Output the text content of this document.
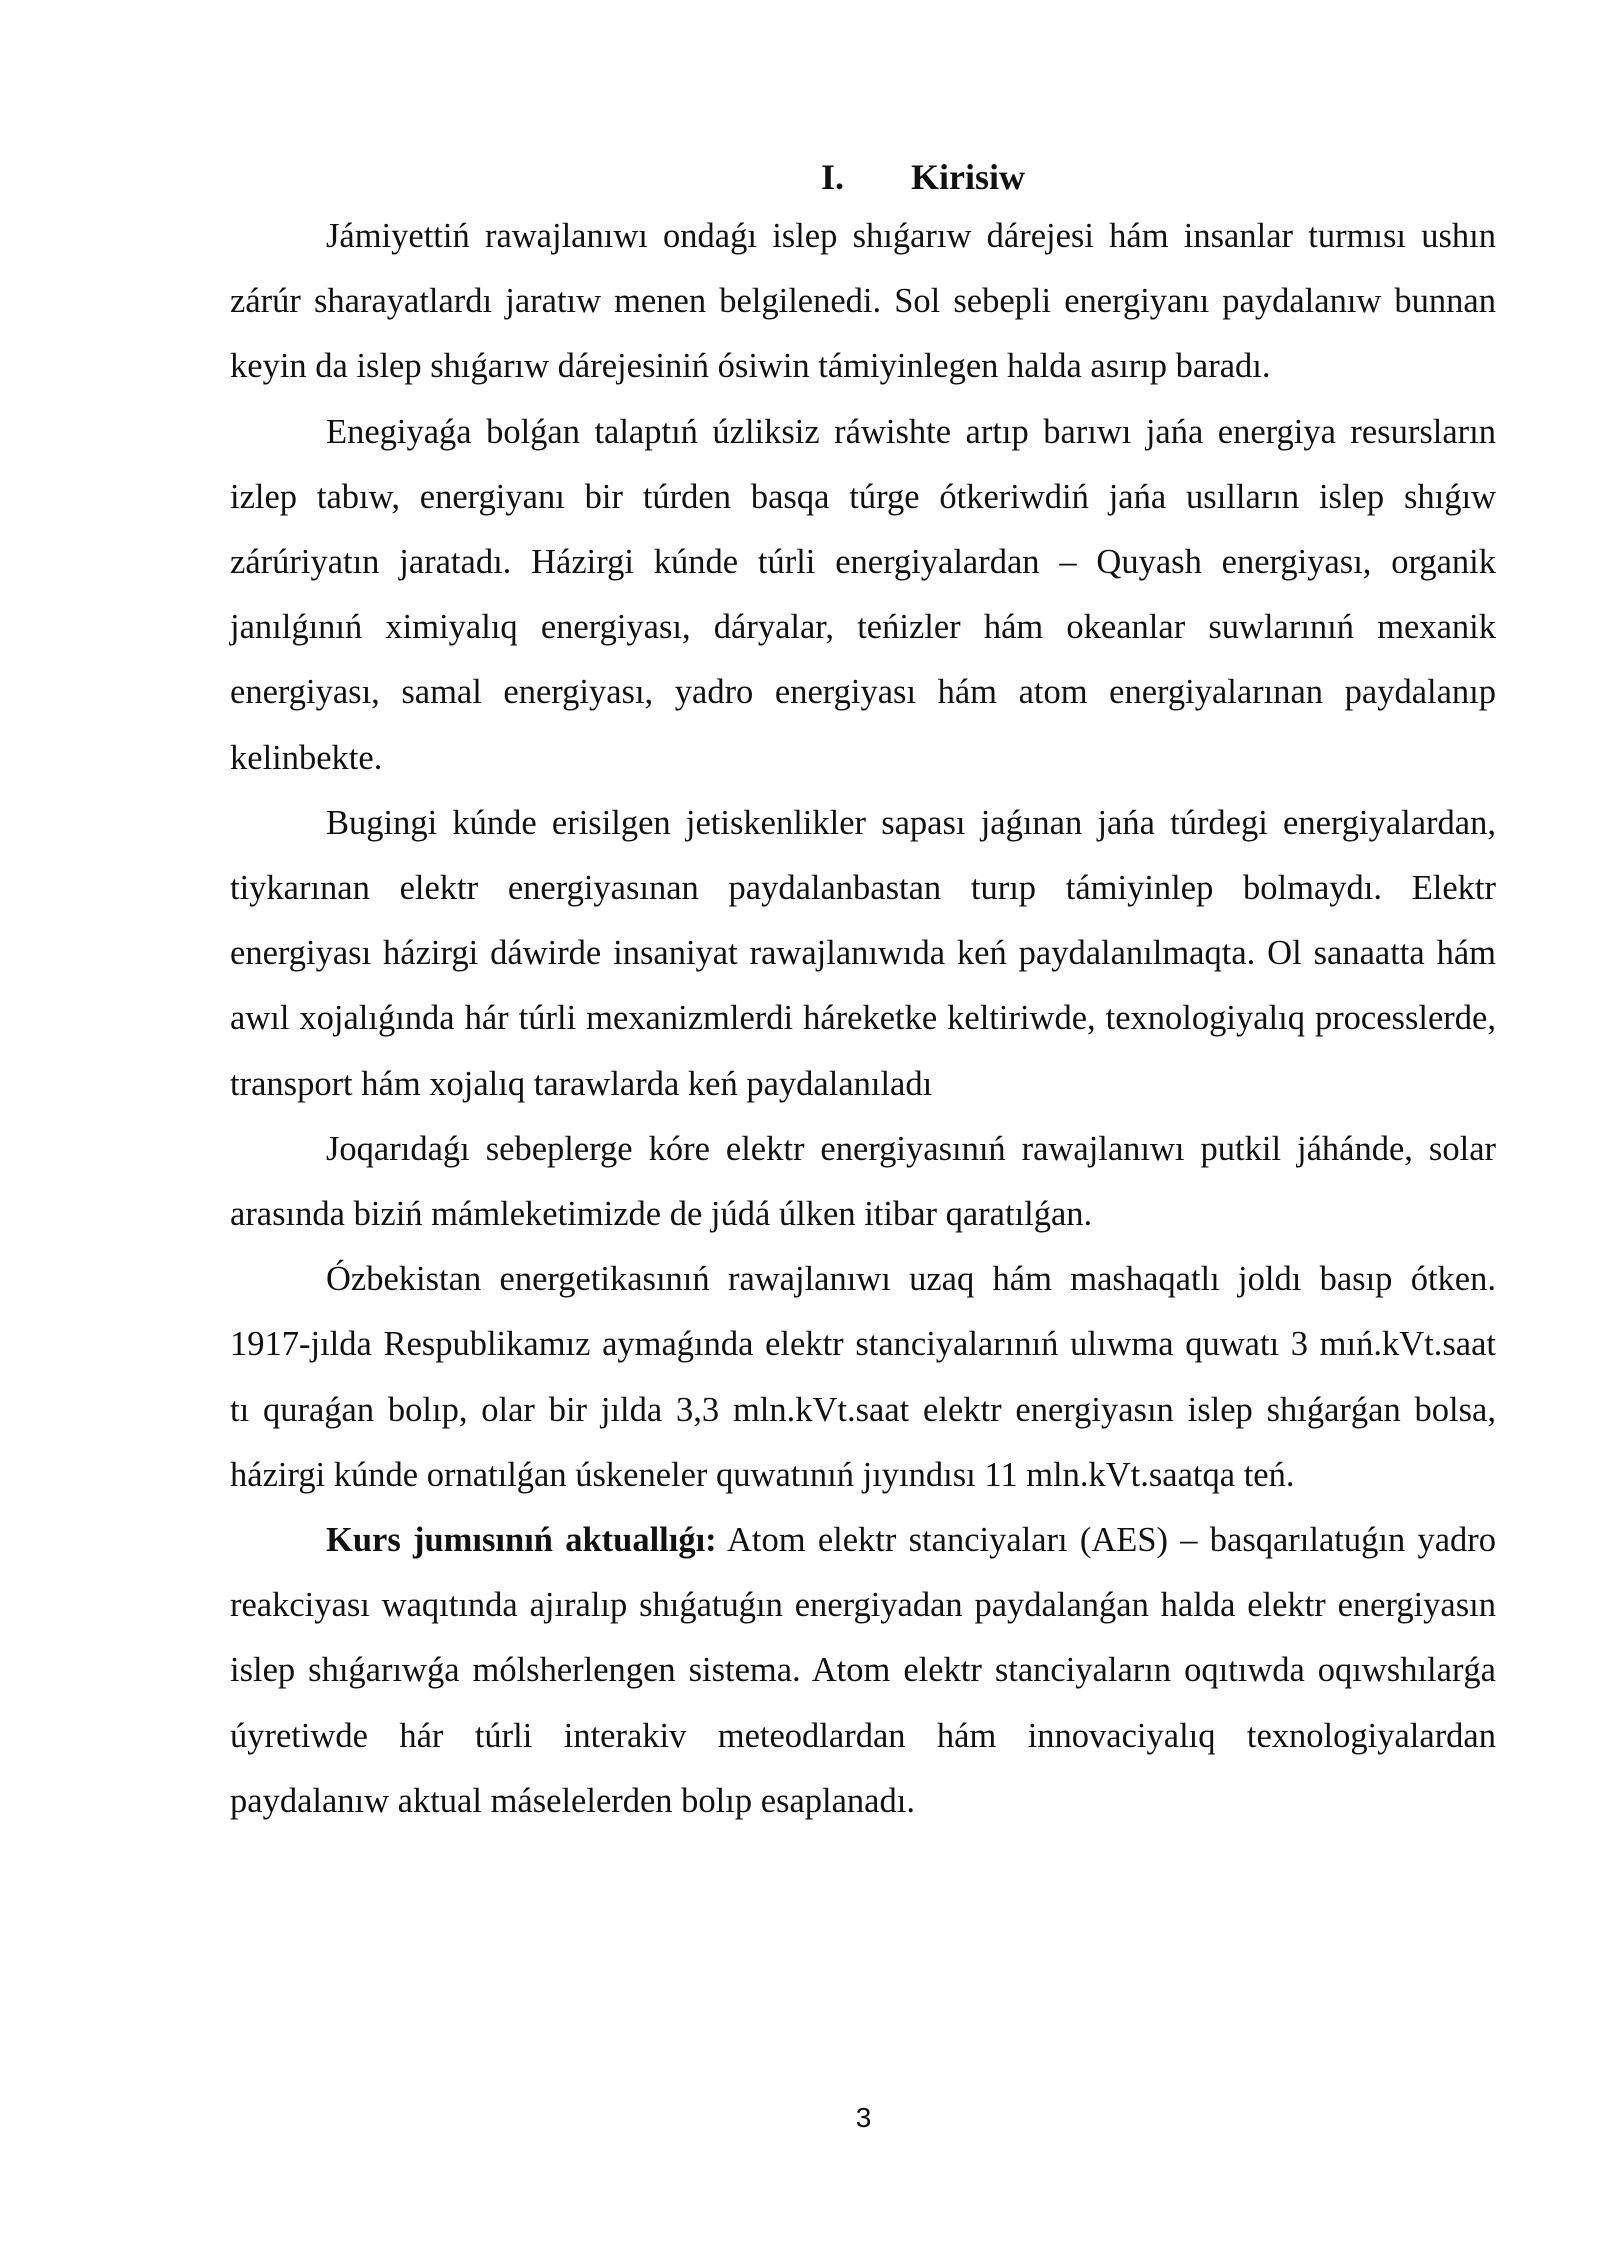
I.	Kirisiw

Jámiyettiń rawajlanıwı ondaǵı islep shıǵarıw dárejesi hám insanlar turmısı ushın zárúr sharayatlardı jaratıw menen belgilenedi. Sol sebepli energiyanı paydalanıw bunnan keyin da islep shıǵarıw dárejesiniń ósiwin támiyinlegen halda asırıp baradı.

Enegiyaǵa bolǵan talaptıń úzliksiz ráwishte artıp barıwı jańa energiya resursların izlep tabıw, energiyanı bir túrden basqa túrge ótkeriwdiń jańa usılların islep shıǵıw zárúriyatın jaratadı. Házirgi kúnde túrli energiyalardan – Quyash energiyası, organik janılǵınıń ximiyalıq energiyası, dáryalar, teńizler hám okeanlar suwlarınıń mexanik energiyası, samal energiyası, yadro energiyası hám atom energiyalarınan paydalanıp kelinbekte.

Bugingi kúnde erisilgen jetiskenlikler sapası jaǵınan jańa túrdegi energiyalardan, tiykarınan elektr energiyasınan paydalanbastan turıp támiyinlep bolmaydı. Elektr energiyası házirgi dáwirde insaniyat rawajlanıwıda keń paydalanılmaqta. Ol sanaatta hám awıl xojalıǵında hár túrli mexanizmlerdi háreketke keltiriwde, texnologiyalıq processlerde, transport hám xojalıq tarawlarda keń paydalanıladı

Joqarıdaǵı sebeplerge kóre elektr energiyasınıń rawajlanıwı putkil jáhánde, solar arasında biziń mámleketimizde de júdá úlken itibar qaratılǵan.

Ózbekistan energetikasınıń rawajlanıwı uzaq hám mashaqatlı joldı basıp ótken. 1917-jılda Respublikamız aymaǵında elektr stanciyalarınıń ulıwma quwatı 3 mıń.kVt.saat tı quraǵan bolıp, olar bir jılda 3,3 mln.kVt.saat elektr energiyasın islep shıǵarǵan bolsa, házirgi kúnde ornatılǵan úskeneler quwatınıń jıyındısı 11 mln.kVt.saatqa teń.

Kurs jumısınıń aktuallıǵı: Atom elektr stanciyaları (AES) – basqarılatuǵın yadro reakciyası waqıtında ajıralıp shıǵatuǵın energiyadan paydalanǵan halda elektr energiyasın islep shıǵarıwǵa mólsherlengen sistema. Atom elektr stanciyaların oqıtıwda oqıwshılarǵa úyretiwde hár túrli interakiv meteodlardan hám innovaciyalıq texnologiyalardan paydalanıw aktual máselelerden bolıp esaplanadı.

3
